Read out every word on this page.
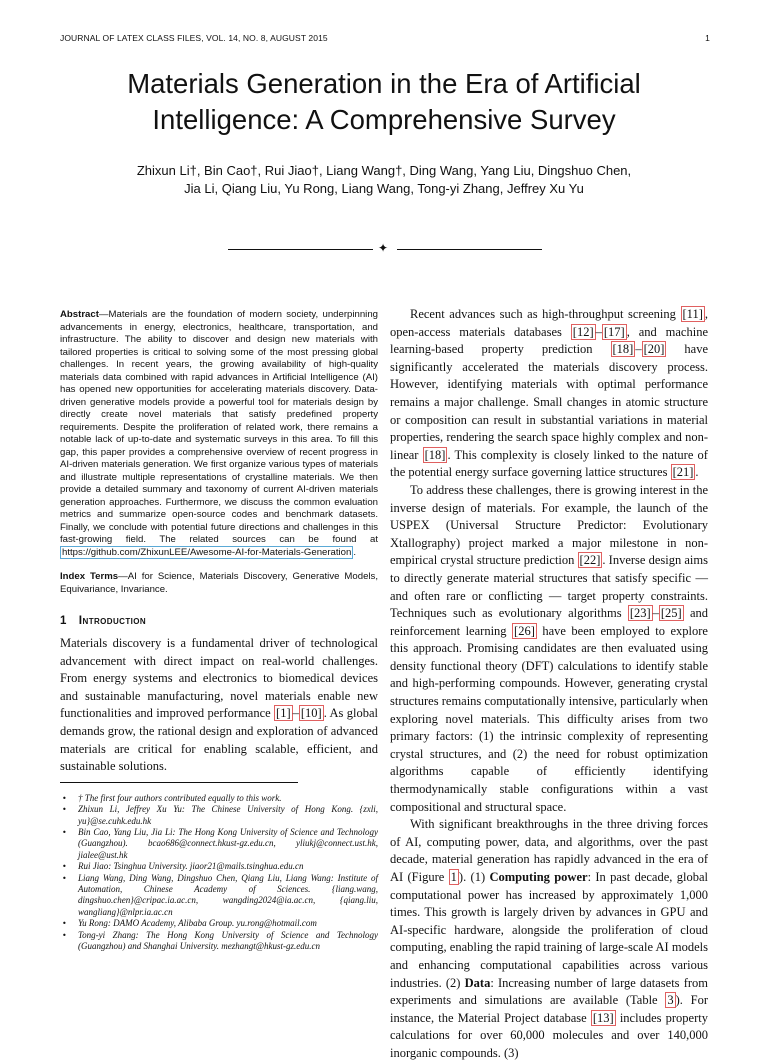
JOURNAL OF LATEX CLASS FILES, VOL. 14, NO. 8, AUGUST 2015	1
Materials Generation in the Era of Artificial
Intelligence: A Comprehensive Survey
Zhixun Li†, Bin Cao†, Rui Jiao†, Liang Wang†, Ding Wang, Yang Liu, Dingshuo Chen,
Jia Li, Qiang Liu, Yu Rong, Liang Wang, Tong-yi Zhang, Jeffrey Xu Yu
✦

Abstract—Materials are the foundation of modern society, underpinning advancements in energy, electronics, healthcare, transportation, and infrastructure. The ability to discover and design new materials with tailored properties is critical to solving some of the most pressing global challenges. In recent years, the growing availability of high-quality materials data combined with rapid advances in Artificial Intelligence (AI) has opened new opportunities for accelerating materials discovery. Data-driven generative models provide a powerful tool for materials design by directly create novel materials that satisfy predefined property requirements. Despite the proliferation of related work, there remains a notable lack of up-to-date and systematic surveys in this area. To fill this gap, this paper provides a comprehensive overview of recent progress in AI-driven materials generation. We first organize various types of materials and illustrate multiple representations of crystalline materials. We then provide a detailed summary and taxonomy of current AI-driven materials generation approaches. Furthermore, we discuss the common evaluation metrics and summarize open-source codes and benchmark datasets. Finally, we conclude with potential future directions and challenges in this fast-growing field. The related sources can be found at https://github.com/ZhixunLEE/Awesome-AI-for-Materials-Generation .

Index Terms—AI for Science, Materials Discovery, Generative Models, Equivariance, Invariance.
1 Introduction

Materials discovery is a fundamental driver of technological advancement with direct impact on real-world challenges. From energy systems and electronics to biomedical devices and sustainable manufacturing, novel materials enable new functionalities and improved performance [1] – [10] . As global demands grow, the rational design and exploration of advanced materials are critical for enabling scalable, efficient, and sustainable solutions.

• † The first four authors contributed equally to this work.
• Zhixun Li, Jeffrey Xu Yu: The Chinese University of Hong Kong. {zxli, yu}@se.cuhk.edu.hk
• Bin Cao, Yang Liu, Jia Li: The Hong Kong University of Science and Technology (Guangzhou). bcao686@connect.hkust-gz.edu.cn, yliukj@connect.ust.hk, jialee@ust.hk
• Rui Jiao: Tsinghua University. jiaor21@mails.tsinghua.edu.cn
• Liang Wang, Ding Wang, Dingshuo Chen, Qiang Liu, Liang Wang: Institute of Automation, Chinese Academy of Sciences. {liang.wang, dingshuo.chen}@cripac.ia.ac.cn, wangding2024@ia.ac.cn, {qiang.liu, wangliang}@nlpr.ia.ac.cn
• Yu Rong: DAMO Academy, Alibaba Group. yu.rong@hotmail.com
• Tong-yi Zhang: The Hong Kong University of Science and Technology (Guangzhou) and Shanghai University. mezhangt@hkust-gz.edu.cn

Recent advances such as high-throughput screening [11] , open-access materials databases [12] – [17] , and machine learning-based property prediction [18] – [20] have significantly accelerated the materials discovery process. However, identifying materials with optimal performance remains a major challenge. Small changes in atomic structure or composition can result in substantial variations in material properties, rendering the search space highly complex and non-linear [18] . This complexity is closely linked to the nature of the potential energy surface governing lattice structures [21] .

To address these challenges, there is growing interest in the inverse design of materials. For example, the launch of the USPEX (Universal Structure Predictor: Evolutionary Xtallography) project marked a major milestone in non-empirical crystal structure prediction [22] . Inverse design aims to directly generate material structures that satisfy specific — and often rare or conflicting — target property constraints. Techniques such as evolutionary algorithms [23] – [25] and reinforcement learning [26] have been employed to explore this approach. Promising candidates are then evaluated using density functional theory (DFT) calculations to identify stable and high-performing compounds. However, generating crystal structures remains computationally intensive, particularly when exploring novel materials. This difficulty arises from two primary factors: (1) the intrinsic complexity of representing crystal structures, and (2) the need for robust optimization algorithms capable of efficiently identifying thermodynamically stable configurations within a vast compositional and structural space.

With significant breakthroughs in the three driving forces of AI, computing power, data, and algorithms, over the past decade, material generation has rapidly advanced in the era of AI (Figure 1 ). (1) Computing power: In past decade, global computational power has increased by approximately 1,000 times. This growth is largely driven by advances in GPU and AI-specific hardware, alongside the proliferation of cloud computing, enabling the rapid training of large-scale AI models and enhancing computational capabilities across various industries. (2) Data: Increasing number of large datasets from experiments and simulations are available (Table 3 ). For instance, the Material Project database [13] includes property calculations for over 60,000 molecules and over 140,000 inorganic compounds. (3)
